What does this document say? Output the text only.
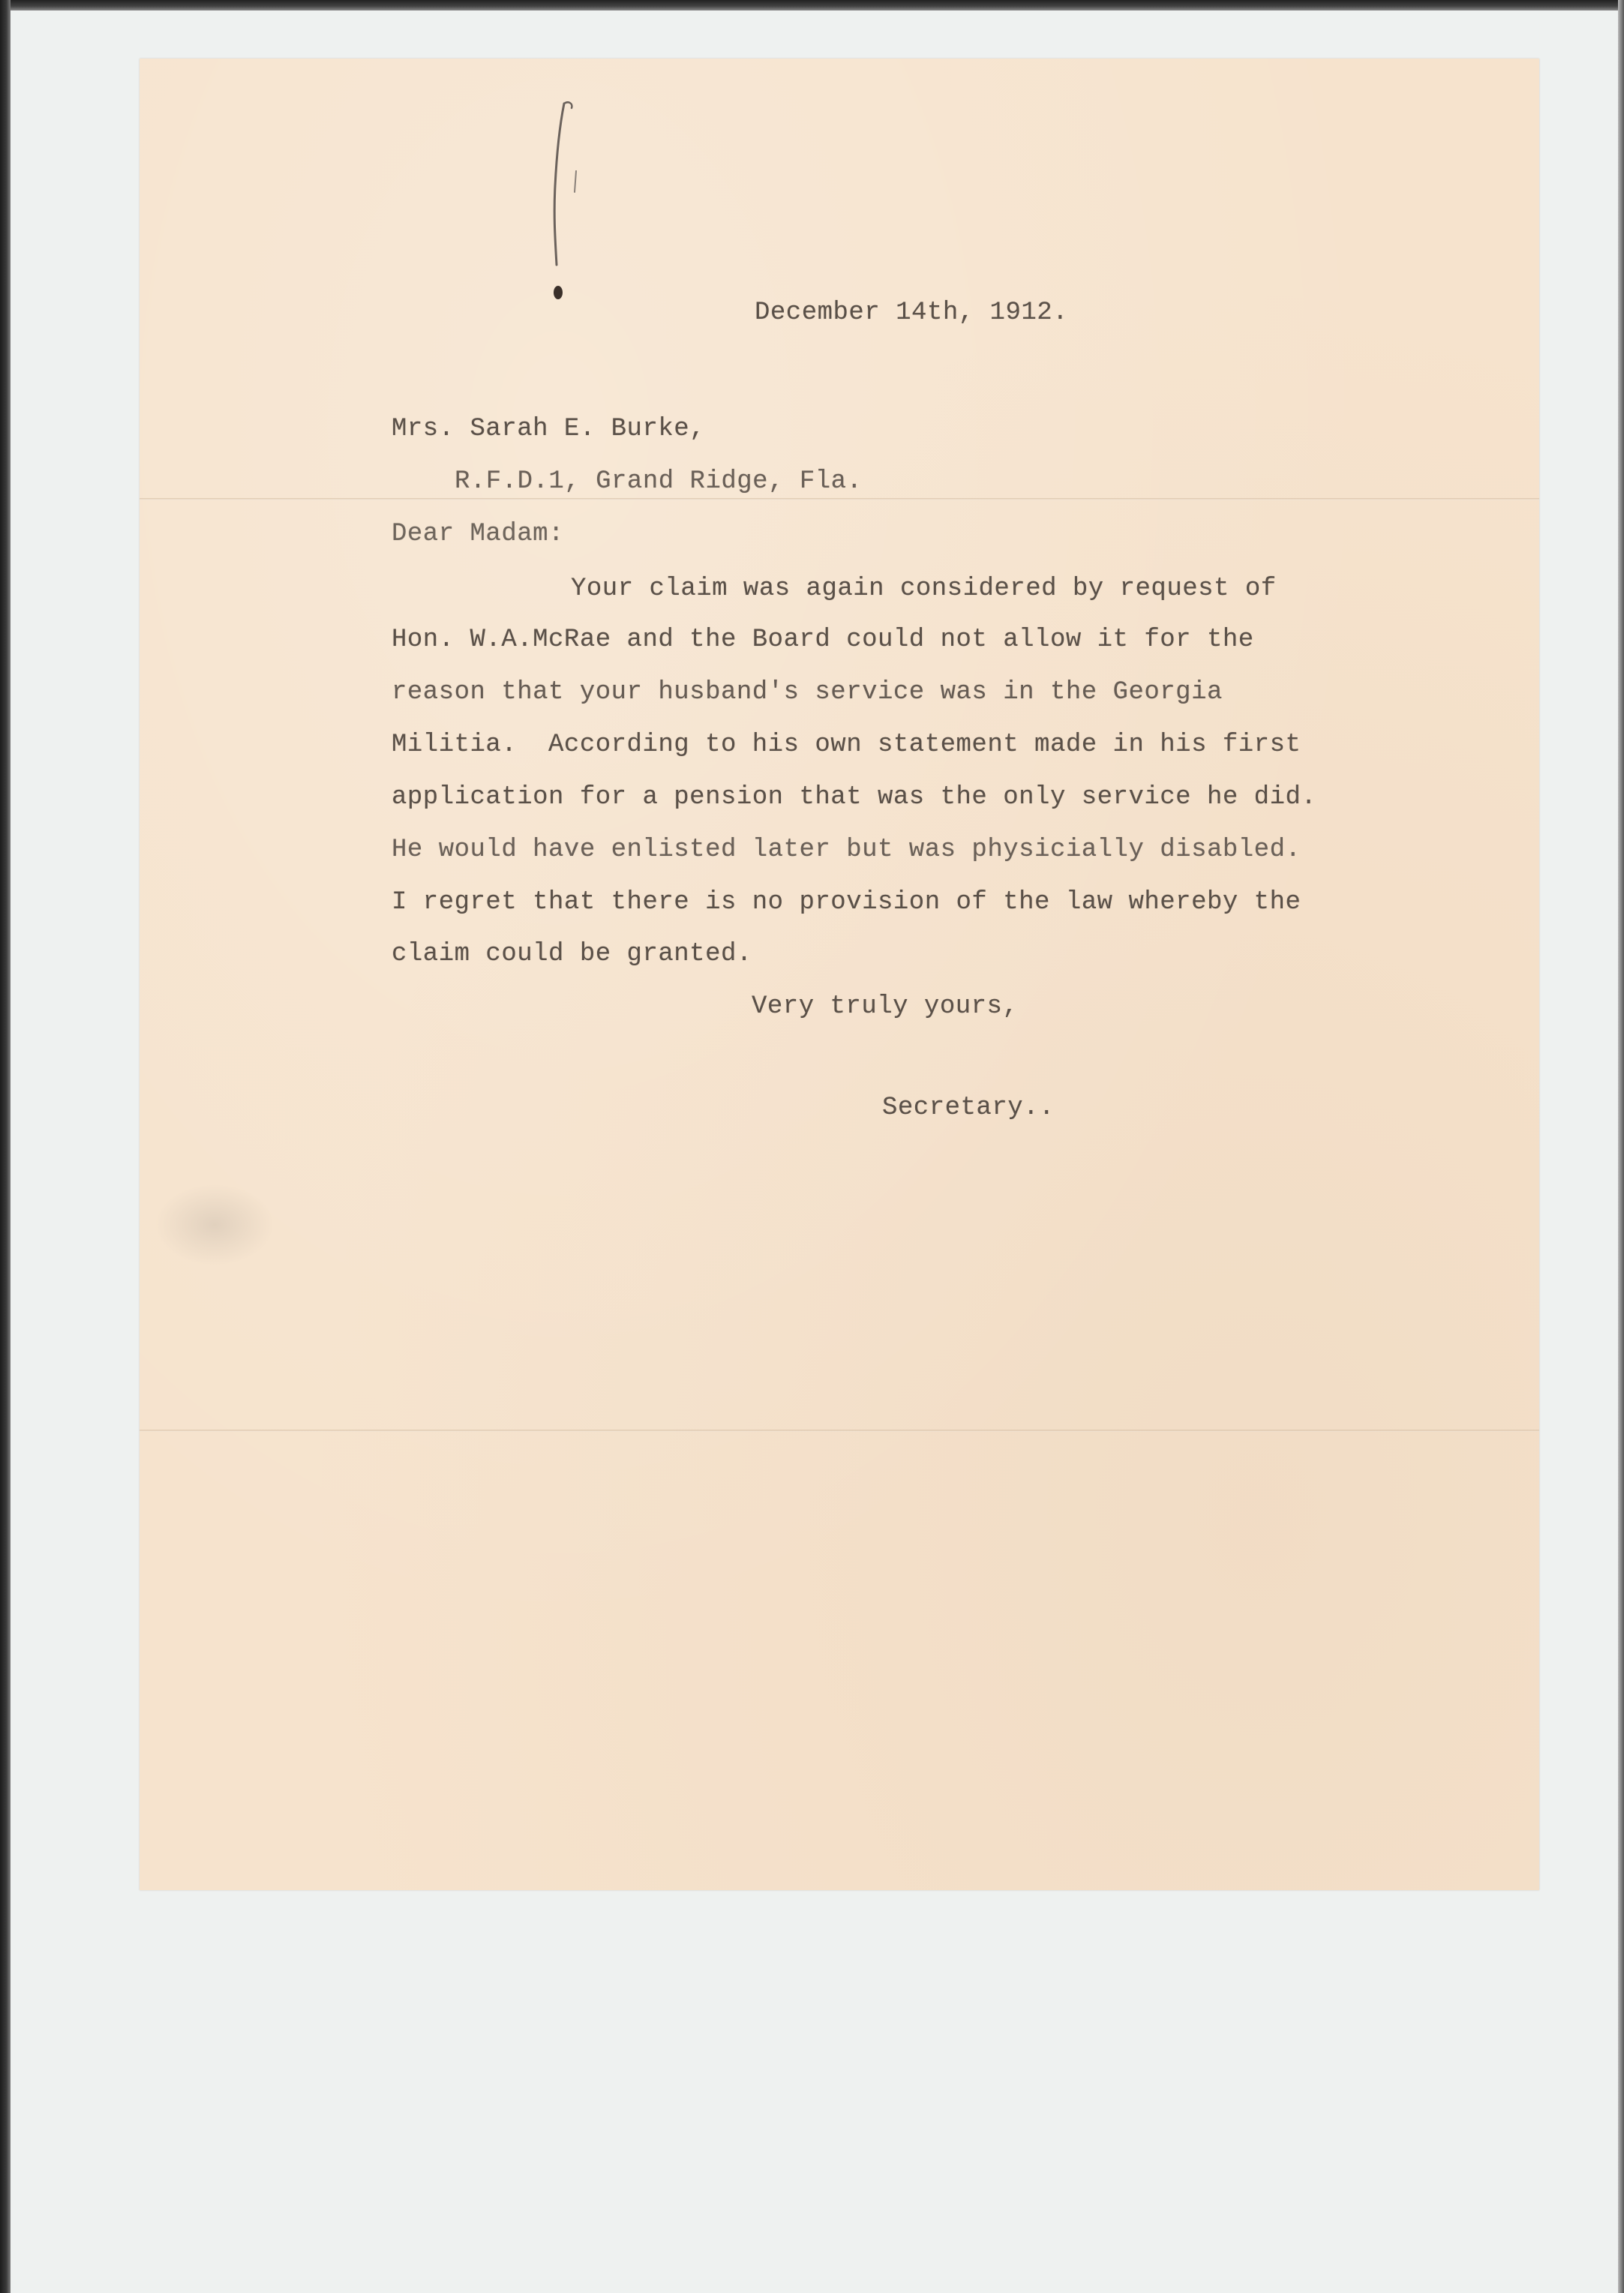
December 14th, 1912.

Mrs. Sarah E. Burke,

R.F.D.1, Grand Ridge, Fla.

Dear Madam:

Your claim was again considered by request of

Hon. W.A.McRae and the Board could not allow it for the

reason that your husband's service was in the Georgia

Militia.  According to his own statement made in his first

application for a pension that was the only service he did.

He would have enlisted later but was physicially disabled.

I regret that there is no provision of the law whereby the

claim could be granted.

Very truly yours,

Secretary..
